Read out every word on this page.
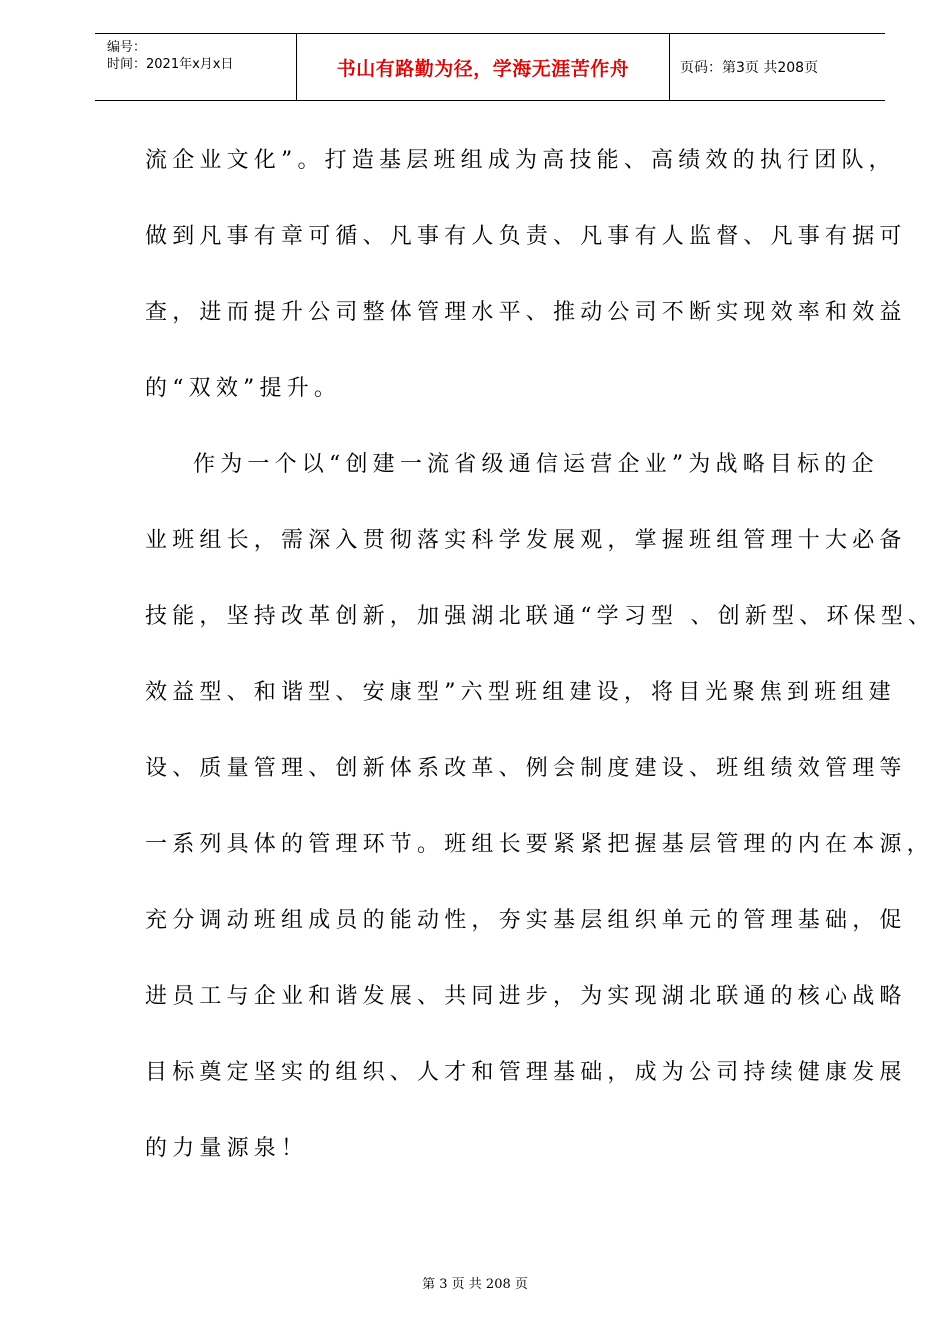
编号：
时间：2021年x月x日	书山有路勤为径，学海无涯苦作舟	页码：第3页 共208页
流企业文化”。打造基层班组成为高技能、高绩效的执行团队，
做到凡事有章可循、凡事有人负责、凡事有人监督、凡事有据可
查，进而提升公司整体管理水平、推动公司不断实现效率和效益
的“双效”提升。
作为一个以“创建一流省级通信运营企业”为战略目标的企
业班组长，需深入贯彻落实科学发展观，掌握班组管理十大必备
技能，坚持改革创新，加强湖北联通“学习型 、创新型、环保型、
效益型、和谐型、安康型”六型班组建设，将目光聚焦到班组建
设、质量管理、创新体系改革、例会制度建设、班组绩效管理等
一系列具体的管理环节。班组长要紧紧把握基层管理的内在本源，
充分调动班组成员的能动性，夯实基层组织单元的管理基础，促
进员工与企业和谐发展、共同进步，为实现湖北联通的核心战略
目标奠定坚实的组织、人才和管理基础，成为公司持续健康发展
的力量源泉！
第 3 页 共 208 页
